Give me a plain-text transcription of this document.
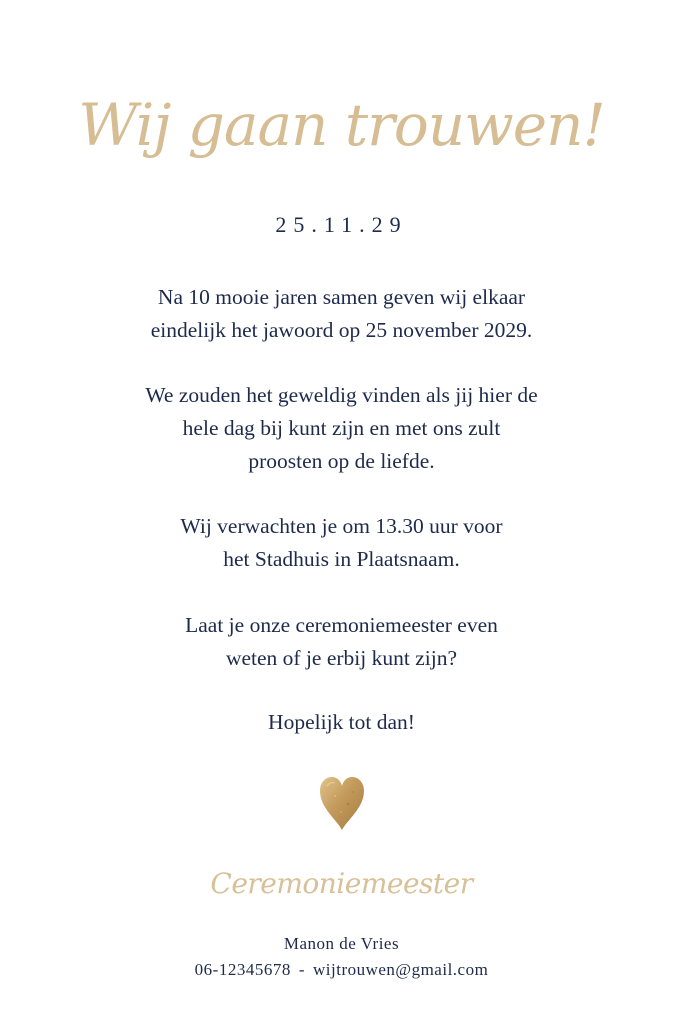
Wij gaan trouwen!
25.11.29

Na 10 mooie jaren samen geven wij elkaar
eindelijk het jawoord op 25 november 2029.

We zouden het geweldig vinden als jij hier de
hele dag bij kunt zijn en met ons zult
proosten op de liefde.

Wij verwachten je om 13.30 uur voor
het Stadhuis in Plaatsnaam.

Laat je onze ceremoniemeester even
weten of je erbij kunt zijn?

Hopelijk tot dan!

Ceremoniemeester
Manon de Vries
06-12345678 - wijtrouwen@gmail.com
